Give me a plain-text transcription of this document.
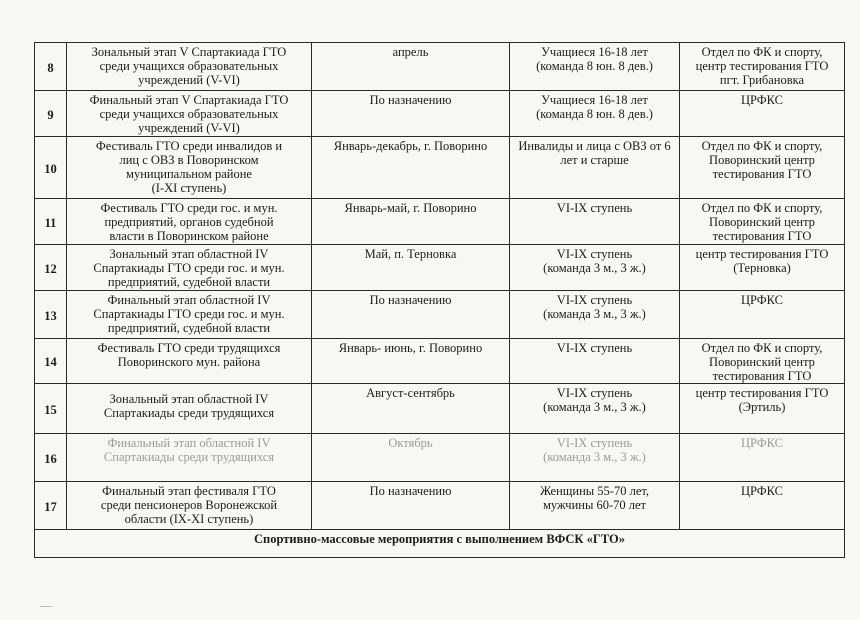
8	Зональный этап V Спартакиада ГТО
среди учащихся образовательных
учреждений (V-VI)	апрель	Учащиеся 16-18 лет
(команда 8 юн. 8 дев.)	Отдел по ФК и спорту,
центр тестирования ГТО
пгт. Грибановка

9	Финальный этап V Спартакиада ГТО
среди учащихся образовательных
учреждений (V-VI)	По назначению	Учащиеся 16-18 лет
(команда 8 юн. 8 дев.)	ЦРФКС

10	Фестиваль ГТО среди инвалидов и
лиц с ОВЗ в Поворинском
муниципальном районе
(I-XI ступень)	Январь-декабрь, г. Поворино	Инвалиды и лица с ОВЗ от 6
лет и старше	Отдел по ФК и спорту,
Поворинский центр
тестирования ГТО

11	Фестиваль ГТО среди гос. и мун.
предприятий, органов судебной
власти в Поворинском районе	Январь-май, г. Поворино	VI-IX ступень	Отдел по ФК и спорту,
Поворинский центр
тестирования ГТО

12	Зональный этап областной IV
Спартакиады ГТО среди гос. и мун.
предприятий, судебной власти	Май, п. Терновка	VI-IX ступень
(команда 3 м., 3 ж.)	центр тестирования ГТО
(Терновка)

13	Финальный этап областной IV
Спартакиады ГТО среди гос. и мун.
предприятий, судебной власти	По назначению	VI-IX ступень
(команда 3 м., 3 ж.)	ЦРФКС

14	Фестиваль ГТО среди трудящихся
Поворинского мун. района	Январь- июнь, г. Поворино	VI-IX ступень	Отдел по ФК и спорту,
Поворинский центр
тестирования ГТО

15	Зональный этап областной IV
Спартакиады среди трудящихся	Август-сентябрь	VI-IX ступень
(команда 3 м., 3 ж.)	центр тестирования ГТО
(Эртиль)

16	Финальный этап областной IV
Спартакиады среди трудящихся	Октябрь	VI-IX ступень
(команда 3 м., 3 ж.)	ЦРФКС

17	Финальный этап фестиваля ГТО
среди пенсионеров Воронежской
области (IX-XI ступень)	По назначению	Женщины 55-70 лет,
мужчины 60-70 лет	ЦРФКС

Спортивно-массовые мероприятия с выполнением ВФСК «ГТО»				
